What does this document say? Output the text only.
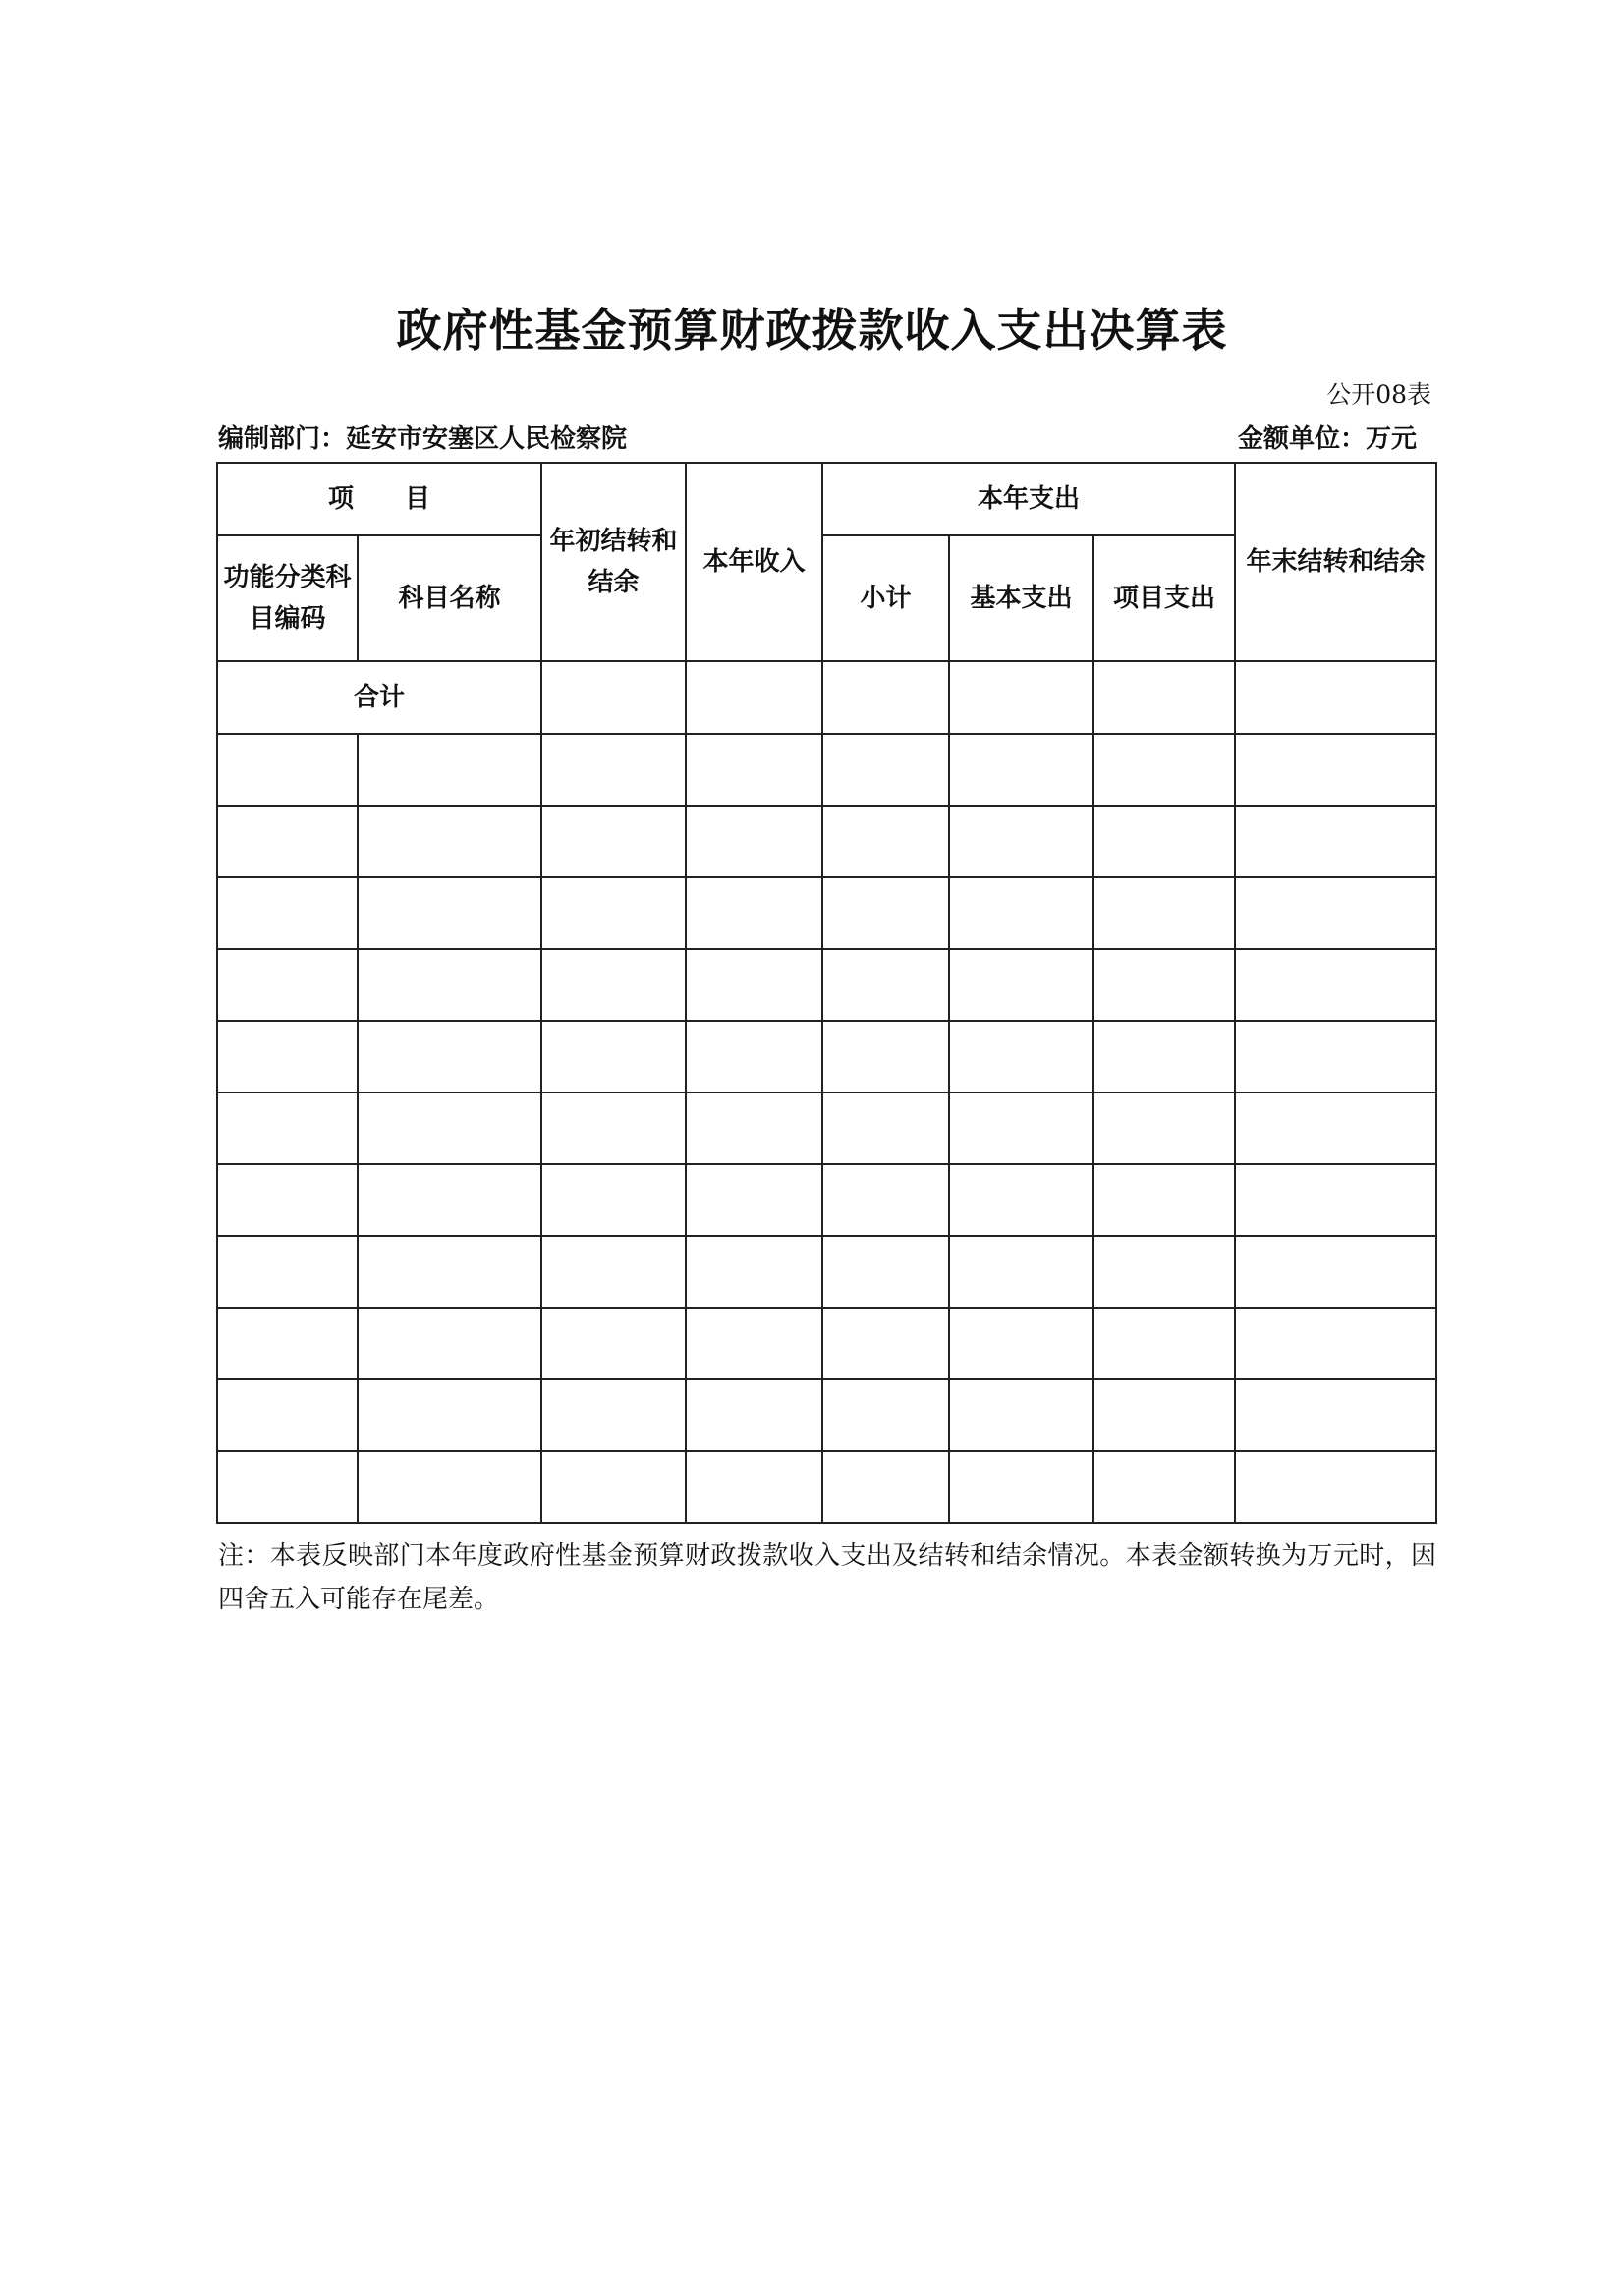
政府性基金预算财政拨款收入支出决算表
公开08表
编制部门：延安市安塞区人民检察院	金额单位：万元
项　　目		年初结转和结余	本年收入	本年支出			年末结转和结余
功能分类科目编码	科目名称			小计	基本支出	项目支出	
合计							

注：本表反映部门本年度政府性基金预算财政拨款收入支出及结转和结余情况。本表金额转换为万元时，因四舍五入可能存在尾差。
